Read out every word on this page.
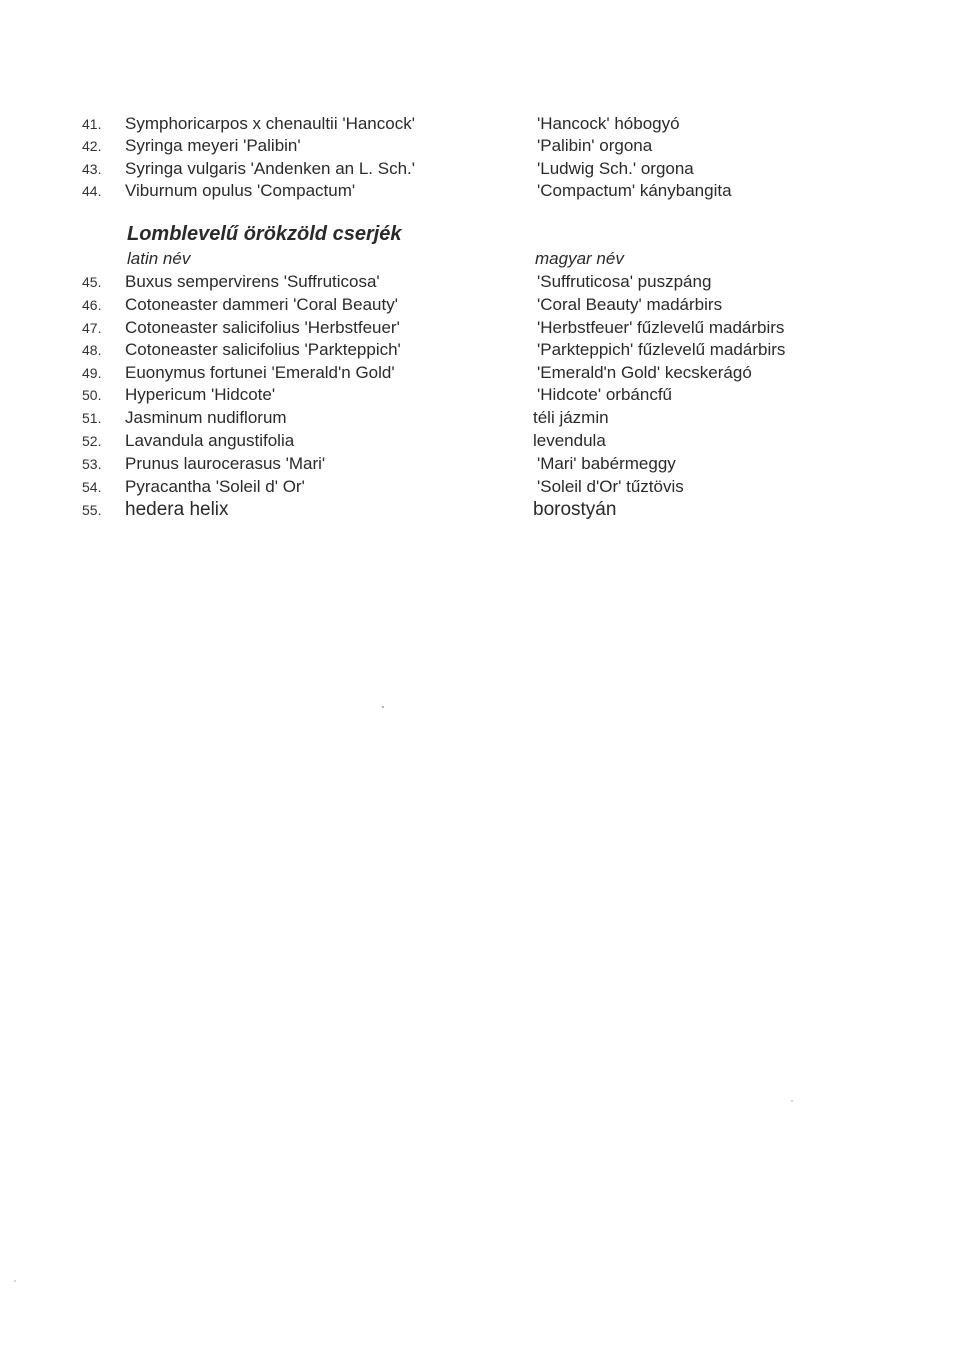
41. Symphoricarpos x chenaultii 'Hancock'	'Hancock' hóbogyó
42. Syringa meyeri 'Palibin'	'Palibin' orgona
43. Syringa vulgaris 'Andenken an L. Sch.'	'Ludwig Sch.' orgona
44. Viburnum opulus 'Compactum'	'Compactum' kánybangita
Lomblevelű örökzöld cserjék
latin név	magyar név
45. Buxus sempervirens 'Suffruticosa'	'Suffruticosa' puszpáng
46. Cotoneaster dammeri 'Coral Beauty'	'Coral Beauty' madárbirs
47. Cotoneaster salicifolius 'Herbstfeuer'	'Herbstfeuer' fűzlevelű madárbirs
48. Cotoneaster salicifolius 'Parkteppich'	'Parkteppich' fűzlevelű madárbirs
49. Euonymus fortunei 'Emerald'n Gold'	'Emerald'n Gold' kecskerágó
50. Hypericum 'Hidcote'	'Hidcote' orbáncfű
51. Jasminum nudiflorum	téli jázmin
52. Lavandula angustifolia	levendula
53. Prunus laurocerasus 'Mari'	'Mari' babérmeggy
54. Pyracantha 'Soleil d' Or'	'Soleil d'Or' tűztövis
55. hedera helix	borostyán
